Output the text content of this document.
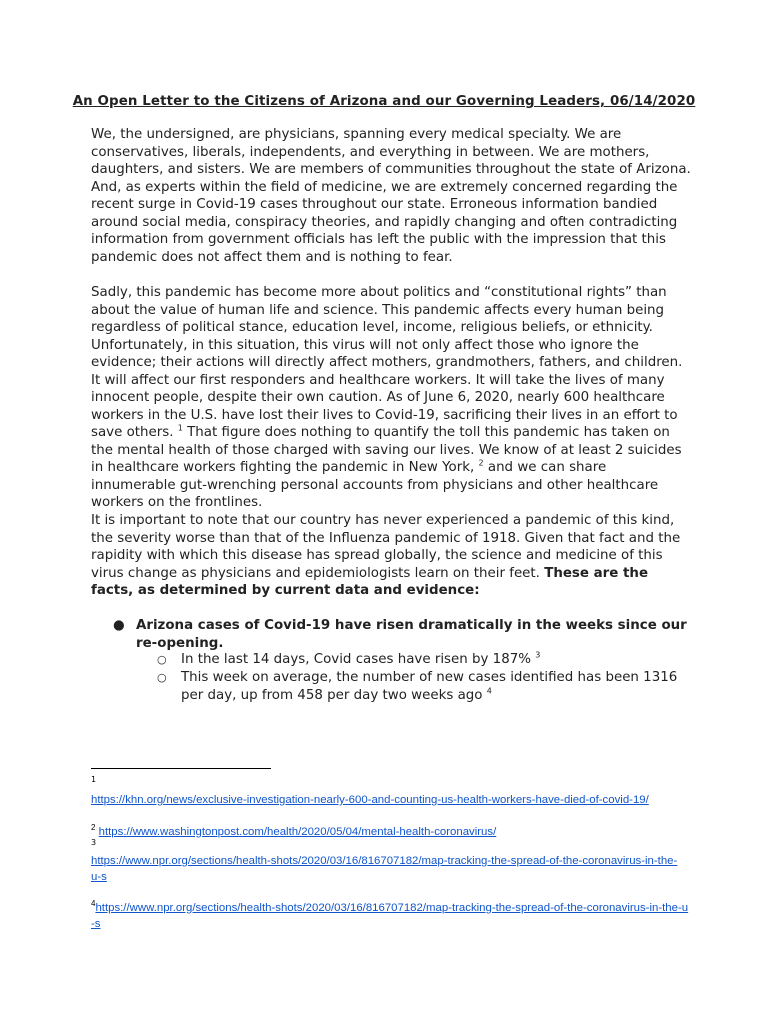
An Open Letter to the Citizens of Arizona and our Governing Leaders, 06/14/2020

We, the undersigned, are physicians, spanning every medical specialty. We are conservatives, liberals, independents, and everything in between. We are mothers, daughters, and sisters. We are members of communities throughout the state of Arizona. And, as experts within the field of medicine, we are extremely concerned regarding the recent surge in Covid-19 cases throughout our state. Erroneous information bandied around social media, conspiracy theories, and rapidly changing and often contradicting information from government officials has left the public with the impression that this pandemic does not affect them and is nothing to fear.

Sadly, this pandemic has become more about politics and “constitutional rights” than about the value of human life and science. This pandemic affects every human being regardless of political stance, education level, income, religious beliefs, or ethnicity. Unfortunately, in this situation, this virus will not only affect those who ignore the evidence; their actions will directly affect mothers, grandmothers, fathers, and children. It will affect our first responders and healthcare workers. It will take the lives of many innocent people, despite their own caution. As of June 6, 2020, nearly 600 healthcare workers in the U.S. have lost their lives to Covid-19, sacrificing their lives in an effort to save others. $^1$ That figure does nothing to quantify the toll this pandemic has taken on the mental health of those charged with saving our lives. We know of at least 2 suicides in healthcare workers fighting the pandemic in New York, $^2$ and we can share innumerable gut-wrenching personal accounts from physicians and other healthcare workers on the frontlines.

It is important to note that our country has never experienced a pandemic of this kind, the severity worse than that of the Influenza pandemic of 1918. Given that fact and the rapidity with which this disease has spread globally, the science and medicine of this virus change as physicians and epidemiologists learn on their feet. These are the facts, as determined by current data and evidence:

● Arizona cases of Covid-19 have risen dramatically in the weeks since our re-opening.
○ In the last 14 days, Covid cases have risen by 187% $^3$
○ This week on average, the number of new cases identified has been 1316 per day, up from 458 per day two weeks ago $^4$
1
https://khn.org/news/exclusive-investigation-nearly-600-and-counting-us-health-workers-have-died-of-covid-19/
$^2$ https://www.washingtonpost.com/health/2020/05/04/mental-health-coronavirus/
3
https://www.npr.org/sections/health-shots/2020/03/16/816707182/map-tracking-the-spread-of-the-coronavirus-in-the-u-s
$^4$https://www.npr.org/sections/health-shots/2020/03/16/816707182/map-tracking-the-spread-of-the-coronavirus-in-the-u-s
